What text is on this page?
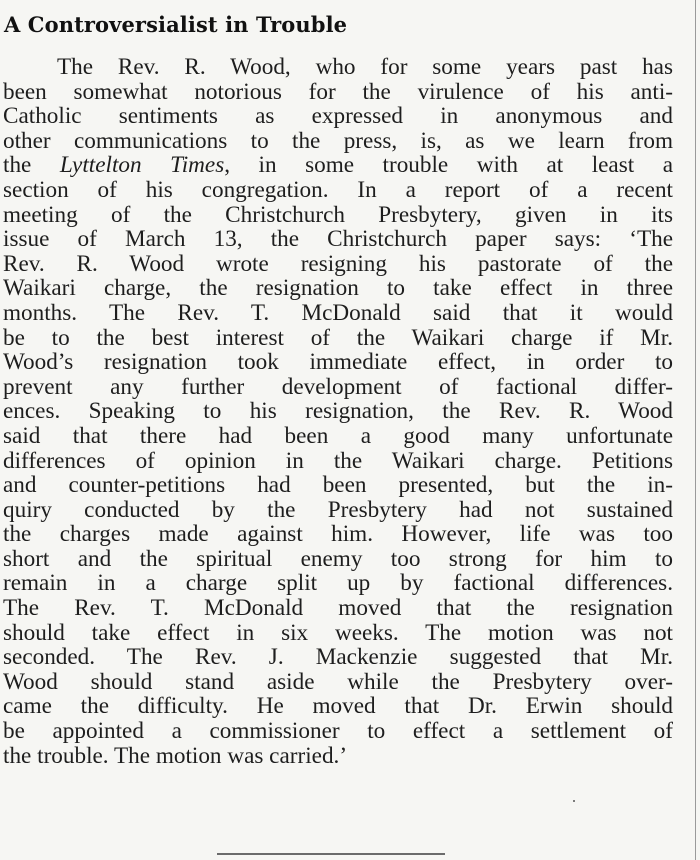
A Controversialist in Trouble
The Rev. R. Wood, who for some years past has
been somewhat notorious for the virulence of his anti-
Catholic sentiments as expressed in anonymous and
other communications to the press, is, as we learn from
the Lyttelton Times, in some trouble with at least a
section of his congregation. In a report of a recent
meeting of the Christchurch Presbytery, given in its
issue of March 13, the Christchurch paper says: ‘The
Rev. R. Wood wrote resigning his pastorate of the
Waikari charge, the resignation to take effect in three
months. The Rev. T. McDonald said that it would
be to the best interest of the Waikari charge if Mr.
Wood’s resignation took immediate effect, in order to
prevent any further development of factional differ-
ences. Speaking to his resignation, the Rev. R. Wood
said that there had been a good many unfortunate
differences of opinion in the Waikari charge. Petitions
and counter-petitions had been presented, but the in-
quiry conducted by the Presbytery had not sustained
the charges made against him. However, life was too
short and the spiritual enemy too strong for him to
remain in a charge split up by factional differences.
The Rev. T. McDonald moved that the resignation
should take effect in six weeks. The motion was not
seconded. The Rev. J. Mackenzie suggested that Mr.
Wood should stand aside while the Presbytery over-
came the difficulty. He moved that Dr. Erwin should
be appointed a commissioner to effect a settlement of
the trouble. The motion was carried.’
